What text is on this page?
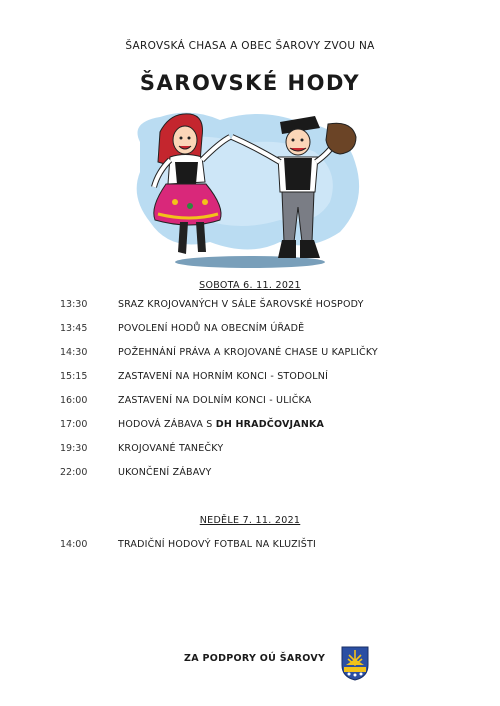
ŠAROVSKÁ CHASA A OBEC ŠAROVY ZVOU NA
ŠAROVSKÉ HODY
SOBOTA 6. 11. 2021
13:30	SRAZ KROJOVANÝCH V SÁLE ŠAROVSKÉ HOSPODY
13:45	POVOLENÍ HODŮ NA OBECNÍM ÚŘADĚ
14:30	POŽEHNÁNÍ PRÁVA A KROJOVANÉ CHASE U KAPLIČKY
15:15	ZASTAVENÍ NA HORNÍM KONCI - STODOLNÍ
16:00	ZASTAVENÍ NA DOLNÍM KONCI - ULIČKA
17:00	HODOVÁ ZÁBAVA S DH HRADČOVJANKA
19:30	KROJOVANÉ TANEČKY
22:00	UKONČENÍ ZÁBAVY
NEDĚLE 7. 11. 2021
14:00	TRADIČNÍ HODOVÝ FOTBAL NA KLUZIŠTI
ZA PODPORY OÚ ŠAROVY
